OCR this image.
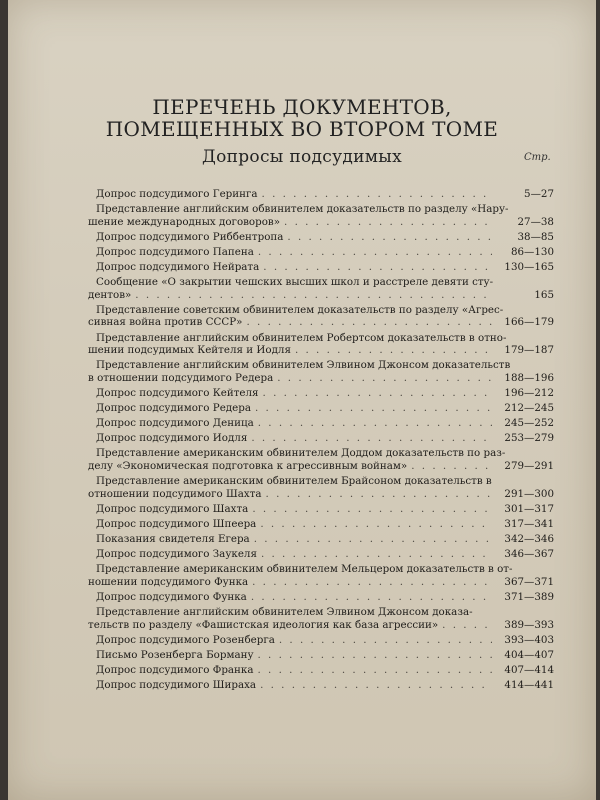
ПЕРЕЧЕНЬ ДОКУМЕНТОВ,

ПОМЕЩЕННЫХ ВО ВТОРОМ ТОМЕ

Допросы подсудимых	Стр.
Допрос подсудимого Геринга . . .	5—27
Представление английским обвинителем доказательств по разделу «Нару-
шение международных договоров» . . .	27—38
Допрос подсудимого Риббентропа . . .	38—85
Допрос подсудимого Папена . . .	86—130
Допрос подсудимого Нейрата . . .	130—165
Сообщение «О закрытии чешских высших школ и расстреле девяти сту-
дентов» . . .	165
Представление советским обвинителем доказательств по разделу «Агрес-
сивная война против СССР» . . .	166—179
Представление английским обвинителем Робертсом доказательств в отно-
шении подсудимых Кейтеля и Иодля . . .	179—187
Представление английским обвинителем Элвином Джонсом доказательств
в отношении подсудимого Редера . . .	188—196
Допрос подсудимого Кейтеля . . .	196—212
Допрос подсудимого Редера . . .	212—245
Допрос подсудимого Деница . . .	245—252
Допрос подсудимого Иодля . . .	253—279
Представление американским обвинителем Доддом доказательств по раз-
делу «Экономическая подготовка к агрессивным войнам» . . .	279—291
Представление американским обвинителем Брайсоном доказательств в
отношении подсудимого Шахта . . .	291—300
Допрос подсудимого Шахта . . .	301—317
Допрос подсудимого Шпеера . . .	317—341
Показания свидетеля Егера . . .	342—346
Допрос подсудимого Заукеля . . .	346—367
Представление американским обвинителем Мельцером доказательств в от-
ношении подсудимого Функа . . .	367—371
Допрос подсудимого Функа . . .	371—389
Представление английским обвинителем Элвином Джонсом доказа-
тельств по разделу «Фашистская идеология как база агрессии» . . .	389—393
Допрос подсудимого Розенберга . . .	393—403
Письмо Розенберга Борману . . .	404—407
Допрос подсудимого Франка . . .	407—414
Допрос подсудимого Шираха . . .	414—441
